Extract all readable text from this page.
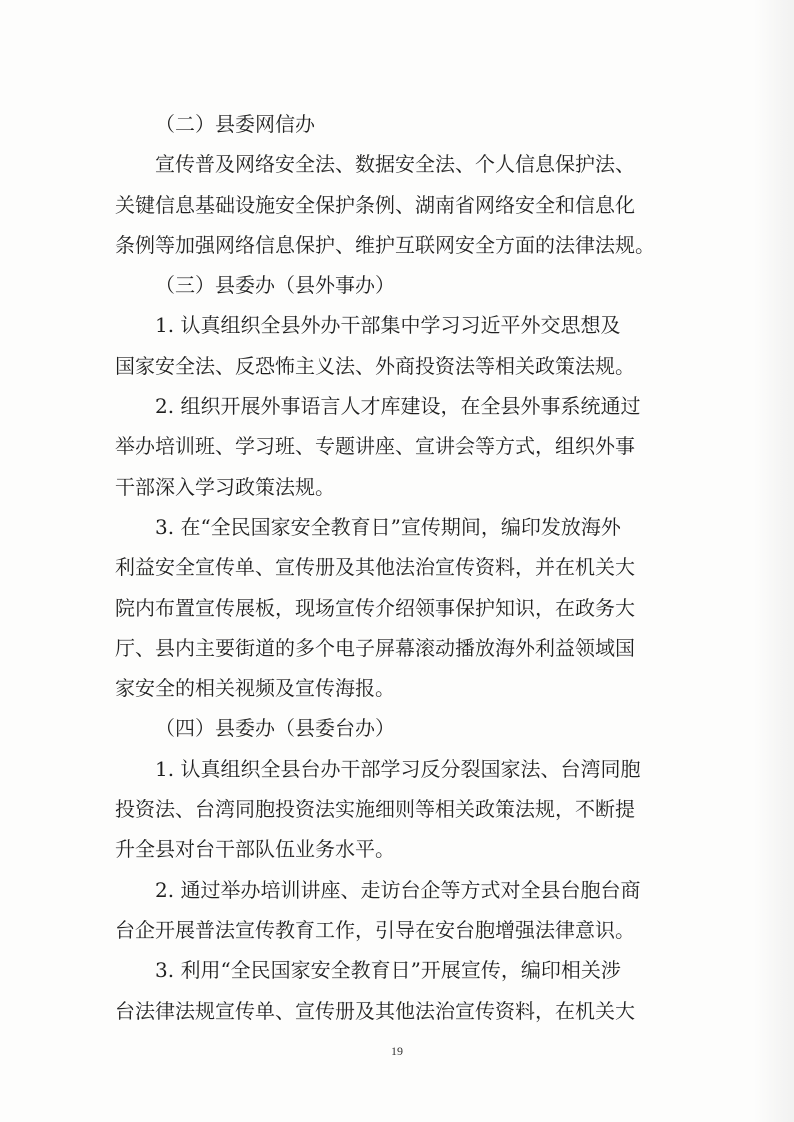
（二）县委网信办
宣传普及网络安全法、数据安全法、个人信息保护法、
关键信息基础设施安全保护条例、湖南省网络安全和信息化
条例等加强网络信息保护、维护互联网安全方面的法律法规。
（三）县委办（县外事办）
1. 认真组织全县外办干部集中学习习近平外交思想及
国家安全法、反恐怖主义法、外商投资法等相关政策法规。
2. 组织开展外事语言人才库建设，在全县外事系统通过
举办培训班、学习班、专题讲座、宣讲会等方式，组织外事
干部深入学习政策法规。
3. 在“全民国家安全教育日”宣传期间，编印发放海外
利益安全宣传单、宣传册及其他法治宣传资料，并在机关大
院内布置宣传展板，现场宣传介绍领事保护知识，在政务大
厅、县内主要街道的多个电子屏幕滚动播放海外利益领域国
家安全的相关视频及宣传海报。
（四）县委办（县委台办）
1. 认真组织全县台办干部学习反分裂国家法、台湾同胞
投资法、台湾同胞投资法实施细则等相关政策法规，不断提
升全县对台干部队伍业务水平。
2. 通过举办培训讲座、走访台企等方式对全县台胞台商
台企开展普法宣传教育工作，引导在安台胞增强法律意识。
3. 利用“全民国家安全教育日”开展宣传，编印相关涉
台法律法规宣传单、宣传册及其他法治宣传资料，在机关大
19
